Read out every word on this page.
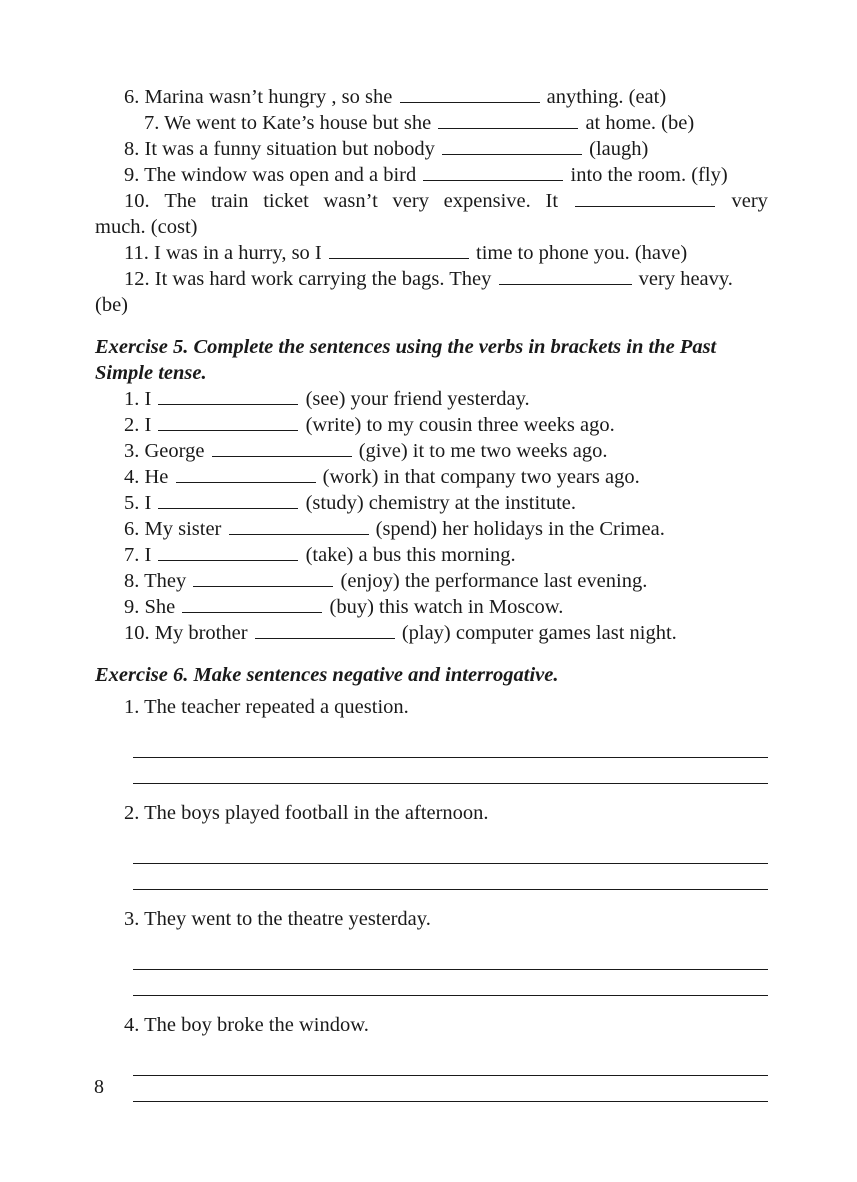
6. Marina wasn’t hungry , so she	anything. (eat)
7. We went to Kate’s house but she	at home. (be)
8. It was a funny situation but nobody	(laugh)
9. The window was open and a bird	into the room. (fly)
10. The train ticket wasn’t very expensive. It	very
much. (cost)
11. I was in a hurry, so I	time to phone you. (have)
12. It was hard work carrying the bags. They	very heavy.
(be)
Exercise 5. Complete the sentences using the verbs in brackets in the Past
Simple tense.
1. I	(see) your friend yesterday.
2. I	(write) to my cousin three weeks ago.
3. George	(give) it to me two weeks ago.
4. He	(work) in that company two years ago.
5. I	(study) chemistry at the institute.
6. My sister	(spend) her holidays in the Crimea.
7. I	(take) a bus this morning.
8. They	(enjoy) the performance last evening.
9. She	(buy) this watch in Moscow.
10. My brother	(play) computer games last night.
Exercise 6. Make sentences negative and interrogative.
1. The teacher repeated a question.
2. The boys played football in the afternoon.
3. They went to the theatre yesterday.
4. The boy broke the window.
8
